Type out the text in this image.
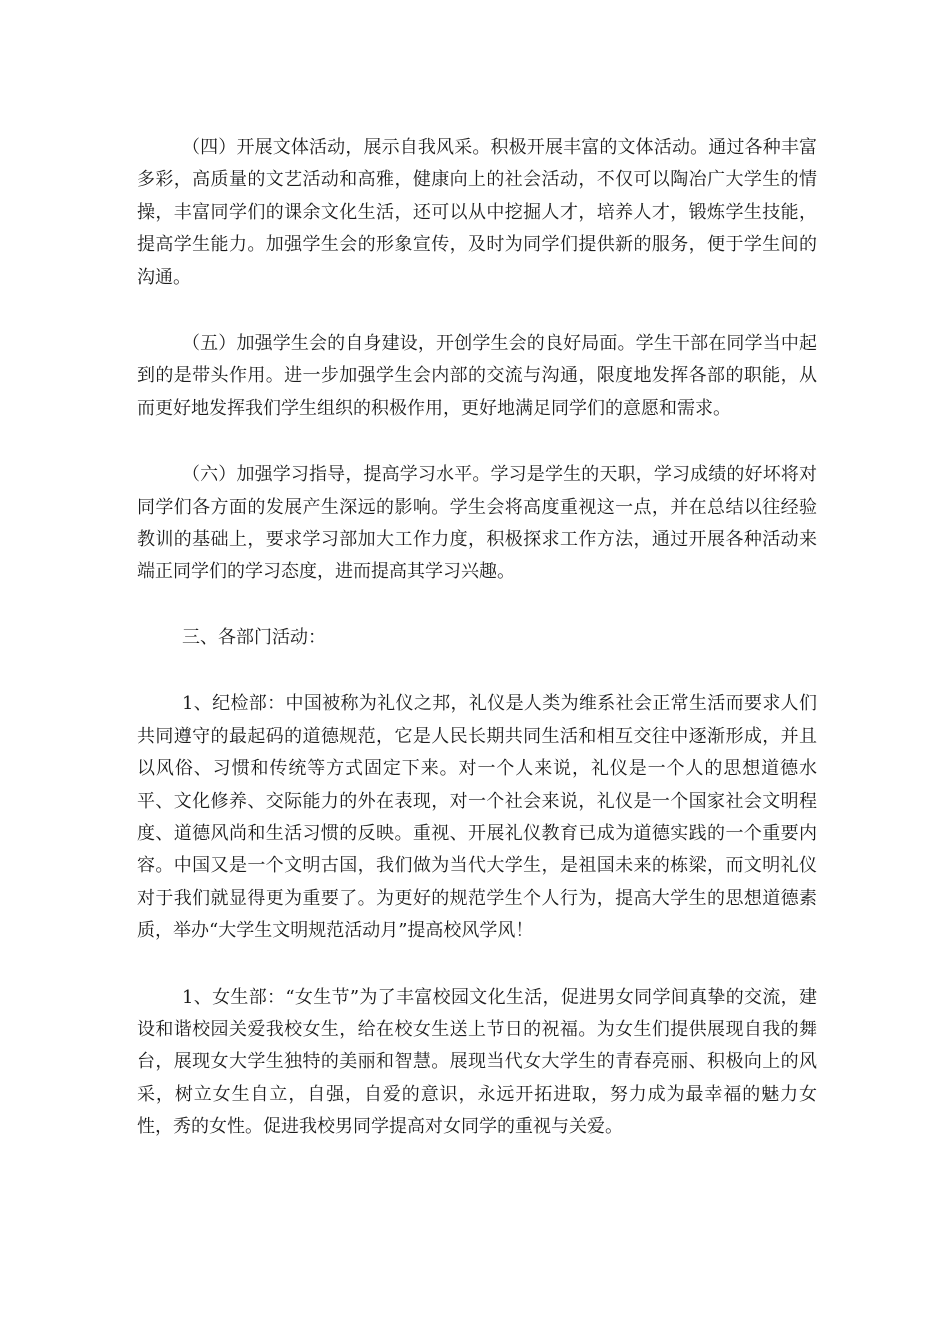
（四）开展文体活动，展示自我风采。积极开展丰富的文体活动。通过各种丰富多彩，高质量的文艺活动和高雅，健康向上的社会活动，不仅可以陶冶广大学生的情操，丰富同学们的课余文化生活，还可以从中挖掘人才，培养人才，锻炼学生技能，提高学生能力。加强学生会的形象宣传，及时为同学们提供新的服务，便于学生间的沟通。

（五）加强学生会的自身建设，开创学生会的良好局面。学生干部在同学当中起到的是带头作用。进一步加强学生会内部的交流与沟通，限度地发挥各部的职能，从而更好地发挥我们学生组织的积极作用，更好地满足同学们的意愿和需求。

（六）加强学习指导，提高学习水平。学习是学生的天职，学习成绩的好坏将对同学们各方面的发展产生深远的影响。学生会将高度重视这一点，并在总结以往经验教训的基础上，要求学习部加大工作力度，积极探求工作方法，通过开展各种活动来端正同学们的学习态度，进而提高其学习兴趣。

三、各部门活动：

1、纪检部：中国被称为礼仪之邦，礼仪是人类为维系社会正常生活而要求人们共同遵守的最起码的道德规范，它是人民长期共同生活和相互交往中逐渐形成，并且以风俗、习惯和传统等方式固定下来。对一个人来说，礼仪是一个人的思想道德水平、文化修养、交际能力的外在表现，对一个社会来说，礼仪是一个国家社会文明程度、道德风尚和生活习惯的反映。重视、开展礼仪教育已成为道德实践的一个重要内容。中国又是一个文明古国，我们做为当代大学生，是祖国未来的栋梁，而文明礼仪对于我们就显得更为重要了。为更好的规范学生个人行为，提高大学生的思想道德素质，举办“大学生文明规范活动月”提高校风学风！

1、女生部：“女生节”为了丰富校园文化生活，促进男女同学间真挚的交流，建设和谐校园关爱我校女生，给在校女生送上节日的祝福。为女生们提供展现自我的舞台，展现女大学生独特的美丽和智慧。展现当代女大学生的青春亮丽、积极向上的风采，树立女生自立，自强，自爱的意识，永远开拓进取，努力成为最幸福的魅力女性，秀的女性。促进我校男同学提高对女同学的重视与关爱。
